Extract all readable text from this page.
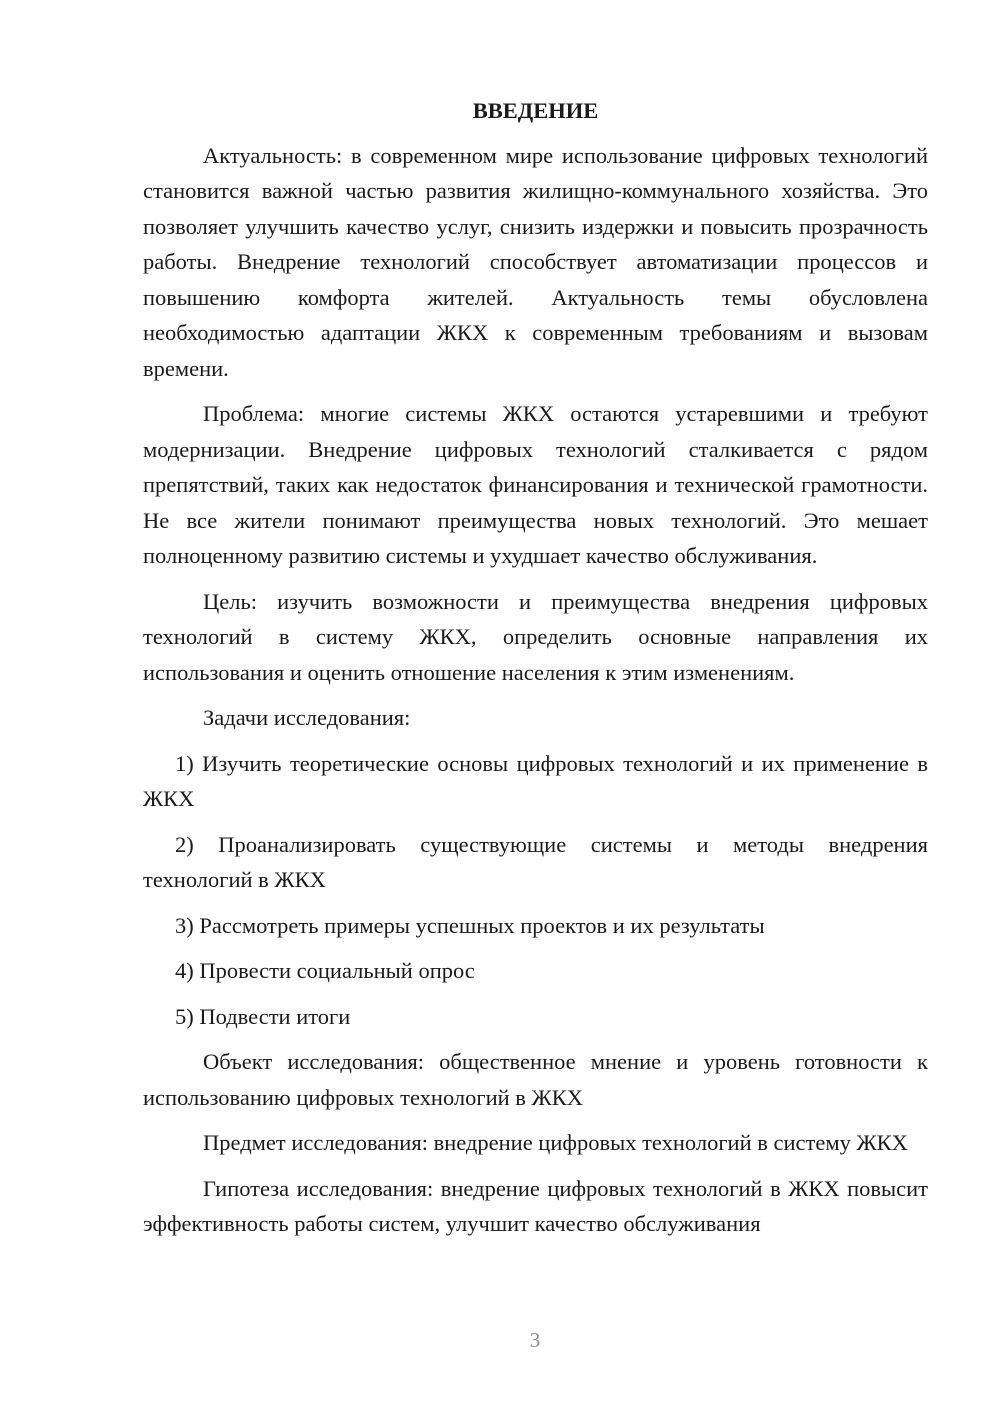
ВВЕДЕНИЕ

Актуальность: в современном мире использование цифровых технологий становится важной частью развития жилищно-коммунального хозяйства. Это позволяет улучшить качество услуг, снизить издержки и повысить прозрачность работы. Внедрение технологий способствует автоматизации процессов и повышению комфорта жителей. Актуальность темы обусловлена необходимостью адаптации ЖКХ к современным требованиям и вызовам времени.

Проблема: многие системы ЖКХ остаются устаревшими и требуют модернизации. Внедрение цифровых технологий сталкивается с рядом препятствий, таких как недостаток финансирования и технической грамотности. Не все жители понимают преимущества новых технологий. Это мешает полноценному развитию системы и ухудшает качество обслуживания.

Цель: изучить возможности и преимущества внедрения цифровых технологий в систему ЖКХ, определить основные направления их использования и оценить отношение населения к этим изменениям.

Задачи исследования:

1) Изучить теоретические основы цифровых технологий и их применение в ЖКХ

2) Проанализировать существующие системы и методы внедрения технологий в ЖКХ

3) Рассмотреть примеры успешных проектов и их результаты

4) Провести социальный опрос

5) Подвести итоги

Объект исследования: общественное мнение и уровень готовности к использованию цифровых технологий в ЖКХ

Предмет исследования: внедрение цифровых технологий в систему ЖКХ

Гипотеза исследования: внедрение цифровых технологий в ЖКХ повысит эффективность работы систем, улучшит качество обслуживания

3
